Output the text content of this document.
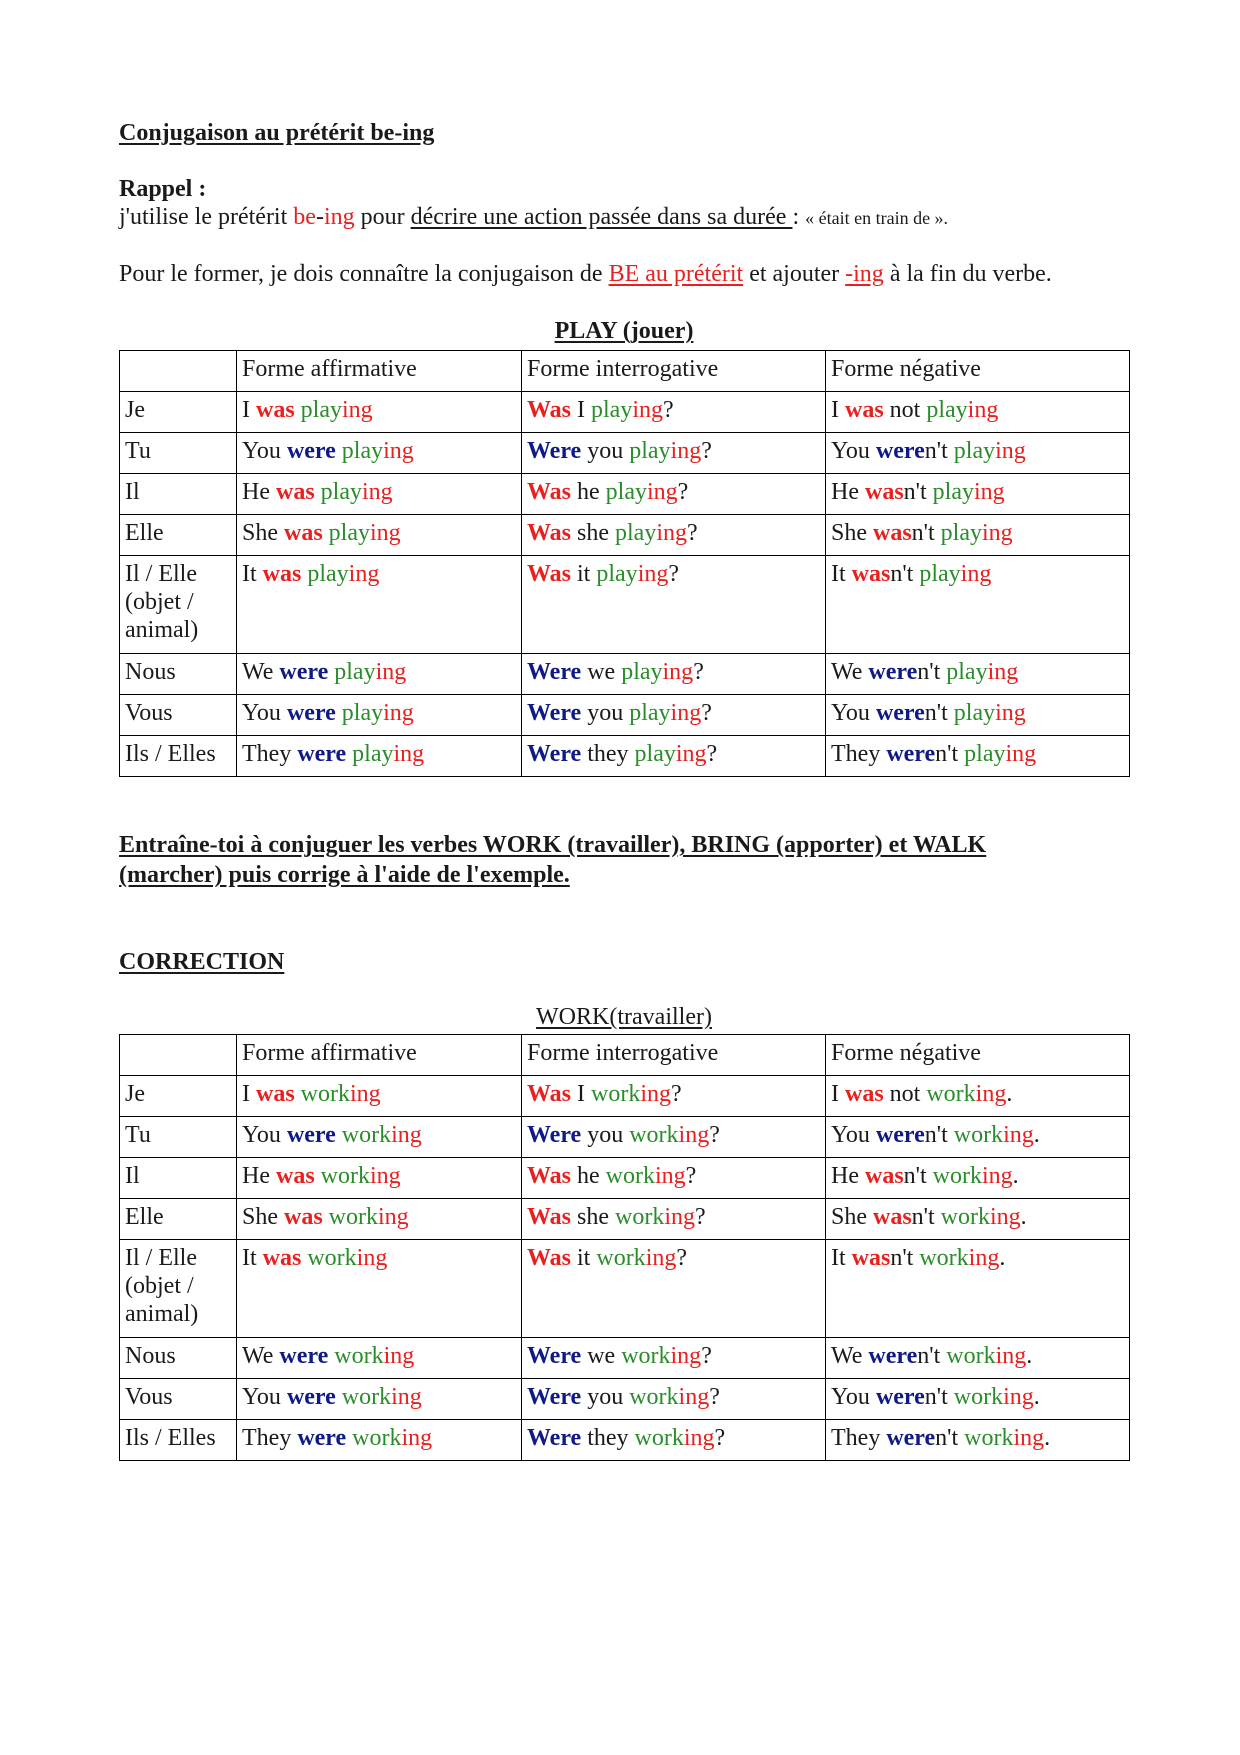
Conjugaison au prétérit be-ing
Rappel :
j'utilise le prétérit be-ing pour décrire une action passée dans sa durée : « était en train de ».
Pour le former, je dois connaître la conjugaison de BE au prétérit et ajouter -ing à la fin du verbe.
PLAY (jouer)
	Forme affirmative	Forme interrogative	Forme négative
Je	I was playing	Was I playing?	I was not playing
Tu	You were playing	Were you playing?	You weren't playing
Il	He was playing	Was he playing?	He wasn't playing
Elle	She was playing	Was she playing?	She wasn't playing
Il / Elle (objet / animal)	It was playing	Was it playing?	It wasn't playing
Nous	We were playing	Were we playing?	We weren't playing
Vous	You were playing	Were you playing?	You weren't playing
Ils / Elles	They were playing	Were they playing?	They weren't playing
Entraîne-toi à conjuguer les verbes WORK (travailler), BRING (apporter) et WALK
(marcher) puis corrige à l'aide de l'exemple.
CORRECTION
WORK(travailler)
	Forme affirmative	Forme interrogative	Forme négative
Je	I was working	Was I working?	I was not working.
Tu	You were working	Were you working?	You weren't working.
Il	He was working	Was he working?	He wasn't working.
Elle	She was working	Was she working?	She wasn't working.
Il / Elle (objet / animal)	It was working	Was it working?	It wasn't working.
Nous	We were working	Were we working?	We weren't working.
Vous	You were working	Were you working?	You weren't working.
Ils / Elles	They were working	Were they working?	They weren't working.
